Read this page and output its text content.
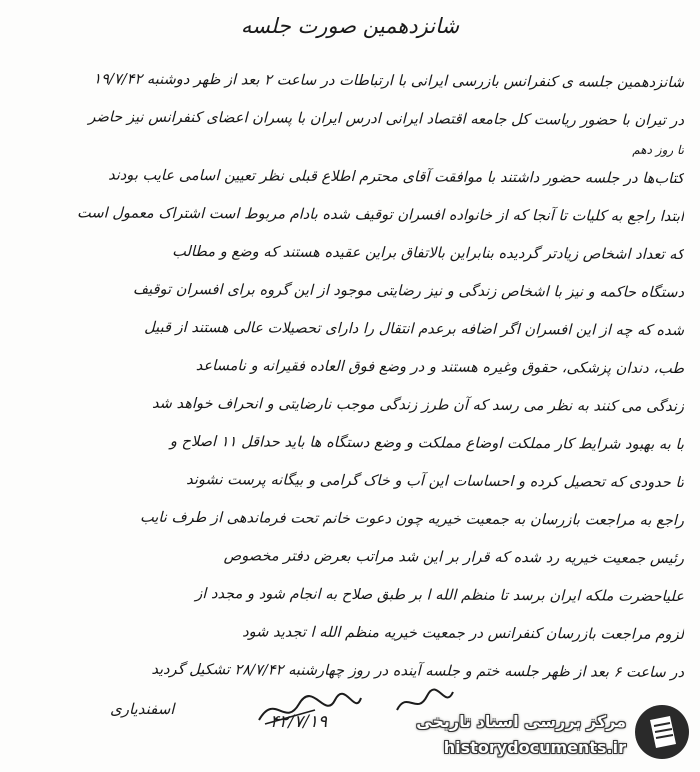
شانزدهمین صورت جلسه
شانزدهمین جلسه ی کنفرانس بازرسی ایرانی با ارتباطات در ساعت ۲ بعد از ظهر دوشنبه ۱۹/۷/۴۲
در تیران با حضور ریاست کل جامعه اقتصاد ایرانی ادرس ایران با پسران اعضای کنفرانس نیز حاضر
تا روز دهم
کتاب‌ها در جلسه حضور داشتند با موافقت آقای محترم اطلاع قبلی نظر تعیین اسامی عایب بودند
ابتدا راجع به کلیات تا آنجا که از خانواده افسران توقیف شده بادام مربوط است اشتراک معمول است
که تعداد اشخاص زیادتر گردیده بنابراین بالاتفاق براین عقیده هستند که وضع و مطالب
دستگاه حاکمه و نیز با اشخاص زندگی و نیز رضایتی موجود از این گروه برای افسران توقیف
شده که چه از این افسران اگر اضافه برعدم انتقال را دارای تحصیلات عالی هستند از قبیل
طب، دندان پزشکی، حقوق وغیره هستند و در وضع فوق العاده فقیرانه و نامساعد
زندگی می کنند به نظر می رسد که آن طرز زندگی موجب نارضایتی و انحراف خواهد شد
با به بهبود شرایط کار مملکت اوضاع مملکت و وضع دستگاه ها باید حداقل ۱۱ اصلاح و
تا حدودی که تحصیل کرده و احساسات این آب و خاک گرامی و بیگانه پرست نشوند
راجع به مراجعت بازرسان به جمعیت خیریه چون دعوت خانم تحت فرماندهی از طرف نایب
رئیس جمعیت خیریه رد شده که قرار بر این شد مراتب بعرض دفتر مخصوص
علیاحضرت ملکه ایران برسد تا منظم الله ا بر طبق صلاح به انجام شود و مجدد از
لزوم مراجعت بازرسان کنفرانس در جمعیت خیریه منظم الله ا تجدید شود
در ساعت ۶ بعد از ظهر جلسه ختم و جلسه آینده در روز چهارشنبه ۲۸/۷/۴۲ تشکیل گردید
۴۲/۷/۱۹
اسفندیاری
مرکز بررسی اسناد تاریخی
historydocuments.ir
